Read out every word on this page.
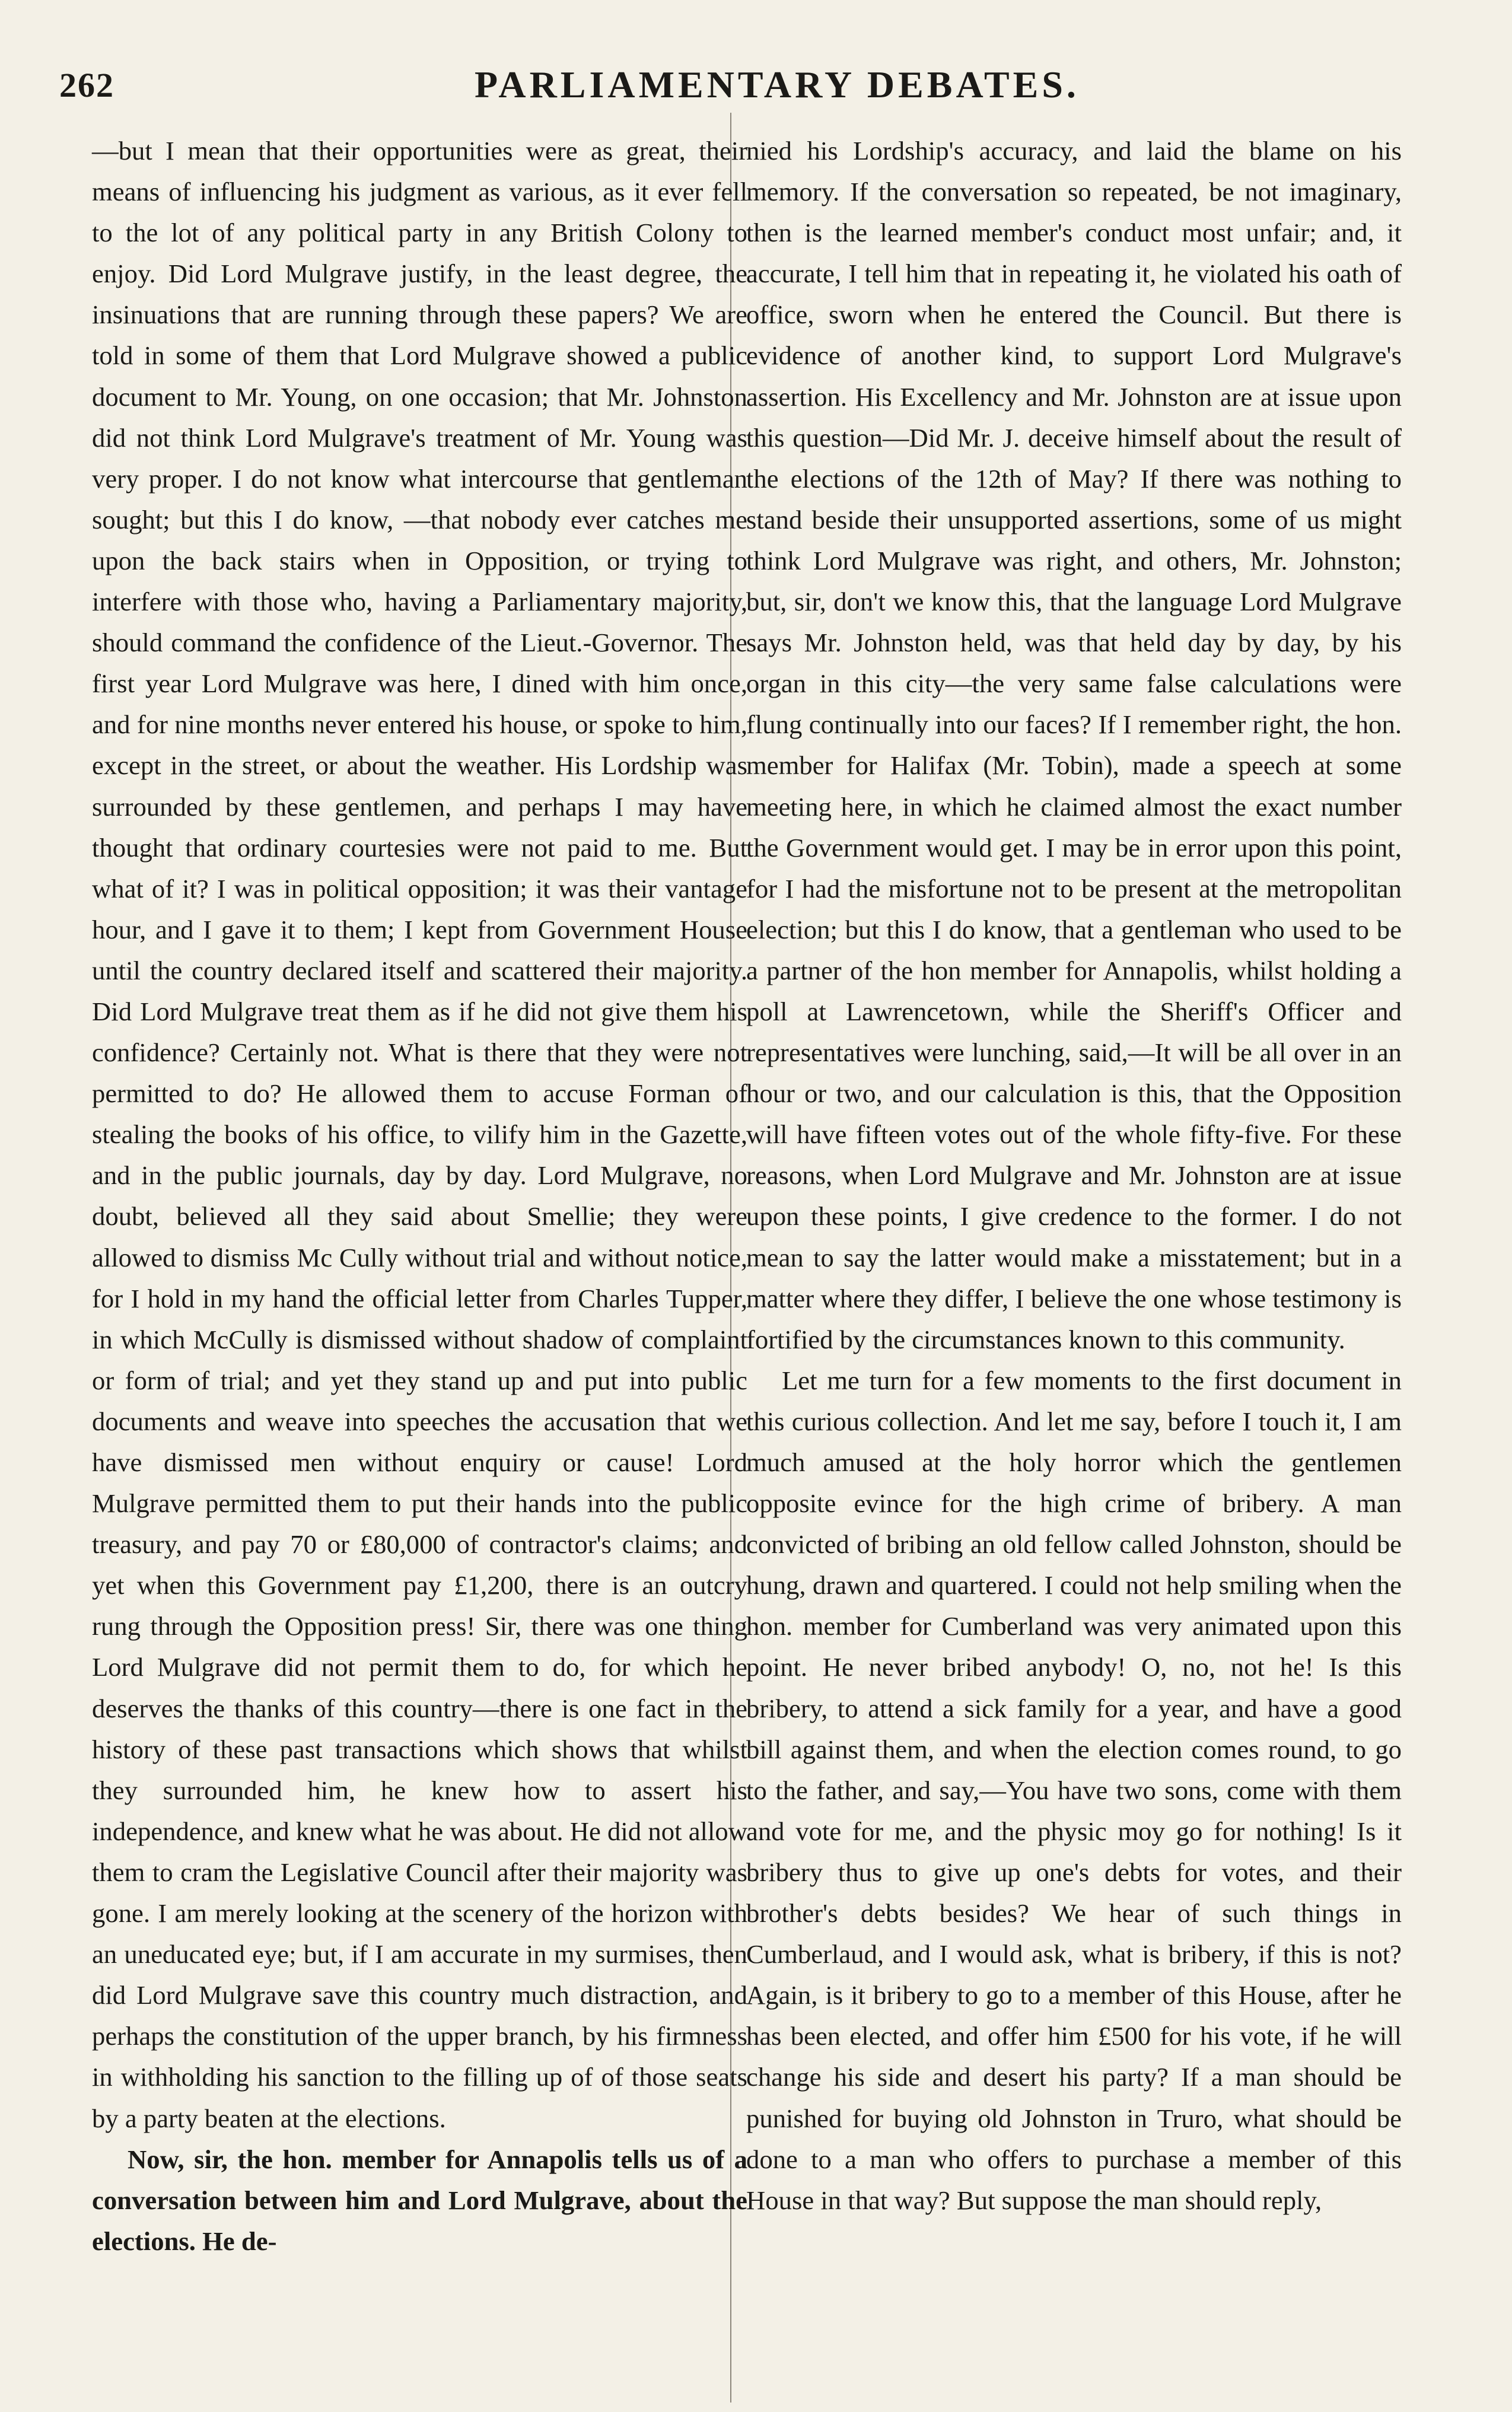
262	PARLIAMENTARY DEBATES.

—but I mean that their opportunities were as great, their means of influencing his judgment as various, as it ever fell to the lot of any political party in any British Colony to enjoy. Did Lord Mulgrave justify, in the least degree, the insinuations that are running through these papers? We are told in some of them that Lord Mulgrave showed a public document to Mr. Young, on one occasion; that Mr. Johnston did not think Lord Mulgrave's treatment of Mr. Young was very proper. I do not know what intercourse that gentleman sought; but this I do know, —that nobody ever catches me upon the back stairs when in Opposition, or trying to interfere with those who, having a Parliamentary majority, should command the confidence of the Lieut.-Governor. The first year Lord Mulgrave was here, I dined with him once, and for nine months never entered his house, or spoke to him, except in the street, or about the weather. His Lordship was surrounded by these gentlemen, and perhaps I may have thought that ordinary courtesies were not paid to me. But what of it? I was in political opposition; it was their vantage hour, and I gave it to them; I kept from Government House until the country declared itself and scattered their majority. Did Lord Mulgrave treat them as if he did not give them his confidence? Certainly not. What is there that they were not permitted to do? He allowed them to accuse Forman of stealing the books of his office, to vilify him in the Gazette, and in the public journals, day by day. Lord Mulgrave, no doubt, believed all they said about Smellie; they were allowed to dismiss Mc Cully without trial and without notice, for I hold in my hand the official letter from Charles Tupper, in which McCully is dismissed without shadow of complaint or form of trial; and yet they stand up and put into public documents and weave into speeches the accusation that we have dismissed men without enquiry or cause! Lord Mulgrave permitted them to put their hands into the public treasury, and pay 70 or £80,000 of contractor's claims; and yet when this Government pay £1,200, there is an outcry rung through the Opposition press! Sir, there was one thing Lord Mulgrave did not permit them to do, for which he deserves the thanks of this country—there is one fact in the history of these past transactions which shows that whilst they surrounded him, he knew how to assert his independence, and knew what he was about. He did not allow them to cram the Legislative Council after their majority was gone. I am merely looking at the scenery of the horizon with an uneducated eye; but, if I am accurate in my surmises, then did Lord Mulgrave save this country much distraction, and perhaps the constitution of the upper branch, by his firmness in withholding his sanction to the filling up of of those seats by a party beaten at the elections.

Now, sir, the hon. member for Annapolis tells us of a conversation between him and Lord Mulgrave, about the elections. He de-

nied his Lordship's accuracy, and laid the blame on his memory. If the conversation so repeated, be not imaginary, then is the learned member's conduct most unfair; and, it accurate, I tell him that in repeating it, he violated his oath of office, sworn when he entered the Council. But there is evidence of another kind, to support Lord Mulgrave's assertion. His Excellency and Mr. Johnston are at issue upon this question—Did Mr. J. deceive himself about the result of the elections of the 12th of May? If there was nothing to stand beside their unsupported assertions, some of us might think Lord Mulgrave was right, and others, Mr. Johnston; but, sir, don't we know this, that the language Lord Mulgrave says Mr. Johnston held, was that held day by day, by his organ in this city—the very same false calculations were flung continually into our faces? If I remember right, the hon. member for Halifax (Mr. Tobin), made a speech at some meeting here, in which he claimed almost the exact number the Government would get. I may be in error upon this point, for I had the misfortune not to be present at the metropolitan election; but this I do know, that a gentleman who used to be a partner of the hon member for Annapolis, whilst holding a poll at Lawrencetown, while the Sheriff's Officer and representatives were lunching, said,—It will be all over in an hour or two, and our calculation is this, that the Opposition will have fifteen votes out of the whole fifty-five. For these reasons, when Lord Mulgrave and Mr. Johnston are at issue upon these points, I give credence to the former. I do not mean to say the latter would make a misstatement; but in a matter where they differ, I believe the one whose testimony is fortified by the circumstances known to this community.

Let me turn for a few moments to the first document in this curious collection. And let me say, before I touch it, I am much amused at the holy horror which the gentlemen opposite evince for the high crime of bribery. A man convicted of bribing an old fellow called Johnston, should be hung, drawn and quartered. I could not help smiling when the hon. member for Cumberland was very animated upon this point. He never bribed anybody! O, no, not he! Is this bribery, to attend a sick family for a year, and have a good bill against them, and when the election comes round, to go to the father, and say,—You have two sons, come with them and vote for me, and the physic moy go for nothing! Is it bribery thus to give up one's debts for votes, and their brother's debts besides? We hear of such things in Cumberlaud, and I would ask, what is bribery, if this is not? Again, is it bribery to go to a member of this House, after he has been elected, and offer him £500 for his vote, if he will change his side and desert his party? If a man should be punished for buying old Johnston in Truro, what should be done to a man who offers to purchase a member of this House in that way? But suppose the man should reply,
